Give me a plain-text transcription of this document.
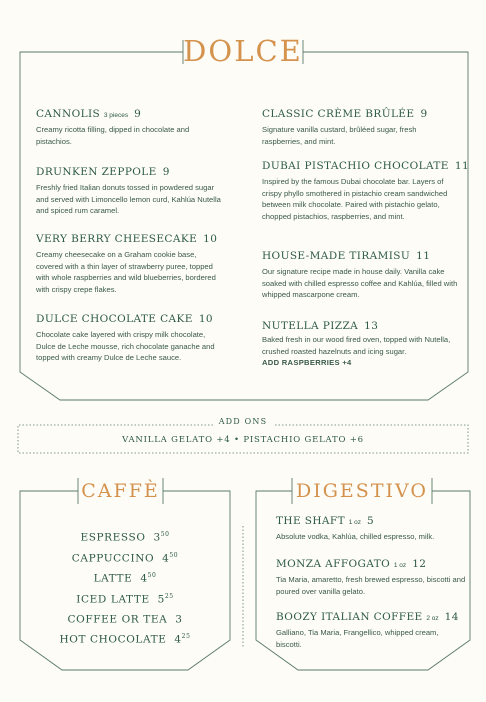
DOLCE
CANNOLIS 3 pieces 9
Creamy ricotta filling, dipped in chocolate and pistachios.
DRUNKEN ZEPPOLE 9
Freshly fried Italian donuts tossed in powdered sugar and served with Limoncello lemon curd, Kahlúa Nutella and spiced rum caramel.
VERY BERRY CHEESECAKE 10
Creamy cheesecake on a Graham cookie base, covered with a thin layer of strawberry puree, topped with whole raspberries and wild blueberries, bordered with crispy crepe flakes.
DULCE CHOCOLATE CAKE 10
Chocolate cake layered with crispy milk chocolate, Dulce de Leche mousse, rich chocolate ganache and topped with creamy Dulce de Leche sauce.
CLASSIC CRÈME BRÛLÉE 9
Signature vanilla custard, brûléed sugar, fresh raspberries, and mint.
DUBAI PISTACHIO CHOCOLATE 11
Inspired by the famous Dubai chocolate bar. Layers of crispy phyllo smothered in pistachio cream sandwiched between milk chocolate. Paired with pistachio gelato, chopped pistachios, raspberries, and mint.
HOUSE-MADE TIRAMISU 11
Our signature recipe made in house daily. Vanilla cake soaked with chilled espresso coffee and Kahlúa, filled with whipped mascarpone cream.
NUTELLA PIZZA 13
Baked fresh in our wood fired oven, topped with Nutella, crushed roasted hazelnuts and icing sugar.
ADD RASPBERRIES +4
ADD ONS
VANILLA GELATO +4 • PISTACHIO GELATO +6
CAFFÈ
ESPRESSO $3^{50}$
CAPPUCCINO $4^{50}$
LATTE $4^{50}$
ICED LATTE $5^{25}$
COFFEE OR TEA 3
HOT CHOCOLATE $4^{25}$
DIGESTIVO
THE SHAFT 1 oz 5
Absolute vodka, Kahlúa, chilled espresso, milk.
MONZA AFFOGATO 1 oz 12
Tia Maria, amaretto, fresh brewed espresso, biscotti and poured over vanilla gelato.
BOOZY ITALIAN COFFEE 2 oz 14
Galliano, Tia Maria, Frangellico, whipped cream, biscotti.
